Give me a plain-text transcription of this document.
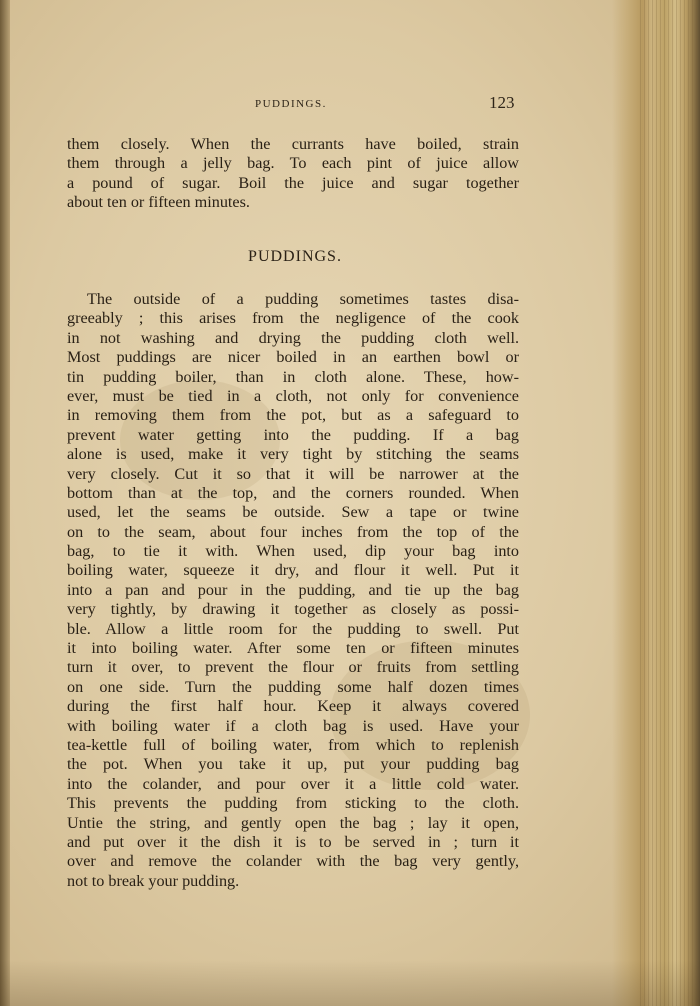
PUDDINGS.	123
them closely. When the currants have boiled, strain
them through a jelly bag. To each pint of juice allow
a pound of sugar. Boil the juice and sugar together
about ten or fifteen minutes.
PUDDINGS.
The outside of a pudding sometimes tastes disa-
greeably ; this arises from the negligence of the cook
in not washing and drying the pudding cloth well.
Most puddings are nicer boiled in an earthen bowl or
tin pudding boiler, than in cloth alone. These, how-
ever, must be tied in a cloth, not only for convenience
in removing them from the pot, but as a safeguard to
prevent water getting into the pudding. If a bag
alone is used, make it very tight by stitching the seams
very closely. Cut it so that it will be narrower at the
bottom than at the top, and the corners rounded. When
used, let the seams be outside. Sew a tape or twine
on to the seam, about four inches from the top of the
bag, to tie it with. When used, dip your bag into
boiling water, squeeze it dry, and flour it well. Put it
into a pan and pour in the pudding, and tie up the bag
very tightly, by drawing it together as closely as possi-
ble. Allow a little room for the pudding to swell. Put
it into boiling water. After some ten or fifteen minutes
turn it over, to prevent the flour or fruits from settling
on one side. Turn the pudding some half dozen times
during the first half hour. Keep it always covered
with boiling water if a cloth bag is used. Have your
tea-kettle full of boiling water, from which to replenish
the pot. When you take it up, put your pudding bag
into the colander, and pour over it a little cold water.
This prevents the pudding from sticking to the cloth.
Untie the string, and gently open the bag ; lay it open,
and put over it the dish it is to be served in ; turn it
over and remove the colander with the bag very gently,
not to break your pudding.
